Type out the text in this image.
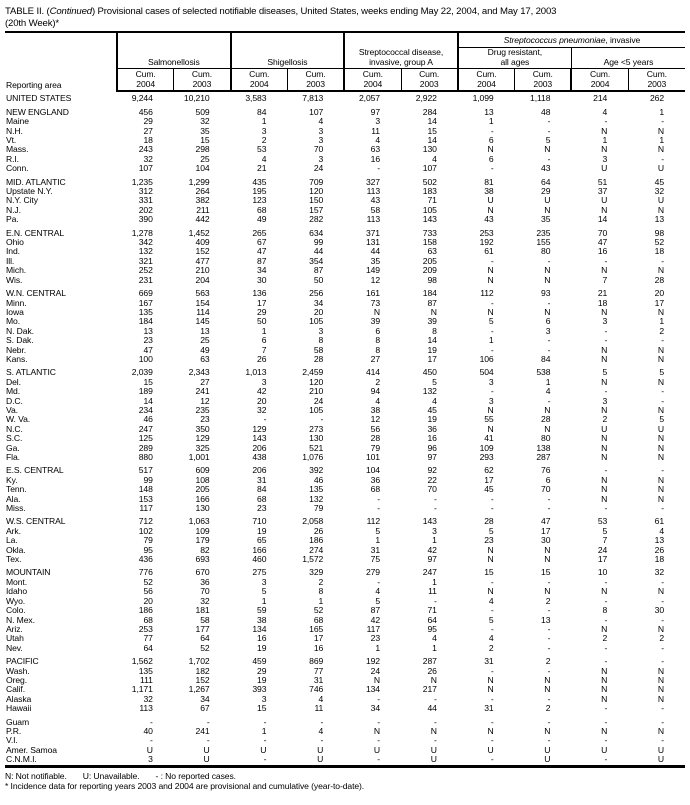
TABLE II. (Continued) Provisional cases of selected notifiable diseases, United States, weeks ending May 22, 2004, and May 17, 2003
(20th Week)*
Reporting area	Salmonellosis		Shigellosis		Streptococcal disease,
invasive, group A		Streptococcus pneumoniae, invasive			

							Drug resistant,
all ages		Age <5 years	

	Cum.
2004	Cum.
2003	Cum.
2004	Cum.
2003	Cum.
2004	Cum.
2003	Cum.
2004	Cum.
2003	Cum.
2004	Cum.
2003

UNITED STATES	9,244	10,210	3,583	7,813	2,057	2,922	1,099	1,118	214	262

NEW ENGLAND	456	509	84	107	97	284	13	48	4	1
Maine	29	32	1	4	3	14	1	-	-	-
N.H.	27	35	3	3	11	15	-	-	N	N
Vt.	18	15	2	3	4	14	6	5	1	1
Mass.	243	298	53	70	63	130	N	N	N	N
R.I.	32	25	4	3	16	4	6	-	3	-
Conn.	107	104	21	24	-	107	-	43	U	U

MID. ATLANTIC	1,235	1,299	435	709	327	502	81	64	51	45
Upstate N.Y.	312	264	195	120	113	183	38	29	37	32
N.Y. City	331	382	123	150	43	71	U	U	U	U
N.J.	202	211	68	157	58	105	N	N	N	N
Pa.	390	442	49	282	113	143	43	35	14	13

E.N. CENTRAL	1,278	1,452	265	634	371	733	253	235	70	98
Ohio	342	409	67	99	131	158	192	155	47	52
Ind.	132	152	47	44	44	63	61	80	16	18
Ill.	321	477	87	354	35	205	-	-	-	-
Mich.	252	210	34	87	149	209	N	N	N	N
Wis.	231	204	30	50	12	98	N	N	7	28

W.N. CENTRAL	669	563	136	256	161	184	112	93	21	20
Minn.	167	154	17	34	73	87	-	-	18	17
Iowa	135	114	29	20	N	N	N	N	N	N
Mo.	184	145	50	105	39	39	5	6	3	1
N. Dak.	13	13	1	3	6	8	-	3	-	2
S. Dak.	23	25	6	8	8	14	1	-	-	-
Nebr.	47	49	7	58	8	19	-	-	N	N
Kans.	100	63	26	28	27	17	106	84	N	N

S. ATLANTIC	2,039	2,343	1,013	2,459	414	450	504	538	5	5
Del.	15	27	3	120	2	5	3	1	N	N
Md.	189	241	42	210	94	132	-	4	-	-
D.C.	14	12	20	24	4	4	3	-	3	-
Va.	234	235	32	105	38	45	N	N	N	N
W. Va.	46	23	-	-	12	19	55	28	2	5
N.C.	247	350	129	273	56	36	N	N	U	U
S.C.	125	129	143	130	28	16	41	80	N	N
Ga.	289	325	206	521	79	96	109	138	N	N
Fla.	880	1,001	438	1,076	101	97	293	287	N	N

E.S. CENTRAL	517	609	206	392	104	92	62	76	-	-
Ky.	99	108	31	46	36	22	17	6	N	N
Tenn.	148	205	84	135	68	70	45	70	N	N
Ala.	153	166	68	132	-	-	-	-	N	N
Miss.	117	130	23	79	-	-	-	-	-	-

W.S. CENTRAL	712	1,063	710	2,058	112	143	28	47	53	61
Ark.	102	109	19	26	5	3	5	17	5	4
La.	79	179	65	186	1	1	23	30	7	13
Okla.	95	82	166	274	31	42	N	N	24	26
Tex.	436	693	460	1,572	75	97	N	N	17	18

MOUNTAIN	776	670	275	329	279	247	15	15	10	32
Mont.	52	36	3	2	-	1	-	-	-	-
Idaho	56	70	5	8	4	11	N	N	N	N
Wyo.	20	32	1	1	5	-	4	2	-	-
Colo.	186	181	59	52	87	71	-	-	8	30
N. Mex.	68	58	38	68	42	64	5	13	-	-
Ariz.	253	177	134	165	117	95	-	-	N	N
Utah	77	64	16	17	23	4	4	-	2	2
Nev.	64	52	19	16	1	1	2	-	-	-

PACIFIC	1,562	1,702	459	869	192	287	31	2	-	-
Wash.	135	182	29	77	24	26	-	-	N	N
Oreg.	111	152	19	31	N	N	N	N	N	N
Calif.	1,171	1,267	393	746	134	217	N	N	N	N
Alaska	32	34	3	4	-	-	-	-	N	N
Hawaii	113	67	15	11	34	44	31	2	-	-

Guam	-	-	-	-	-	-	-	-	-	-
P.R.	40	241	1	4	N	N	N	N	N	N
V.I.	-	-	-	-	-	-	-	-	-	-
Amer. Samoa	U	U	U	U	U	U	U	U	U	U
C.N.M.I.	3	U	-	U	-	U	-	U	-	U
N: Not notifiable. U: Unavailable. - : No reported cases.
* Incidence data for reporting years 2003 and 2004 are provisional and cumulative (year-to-date).
